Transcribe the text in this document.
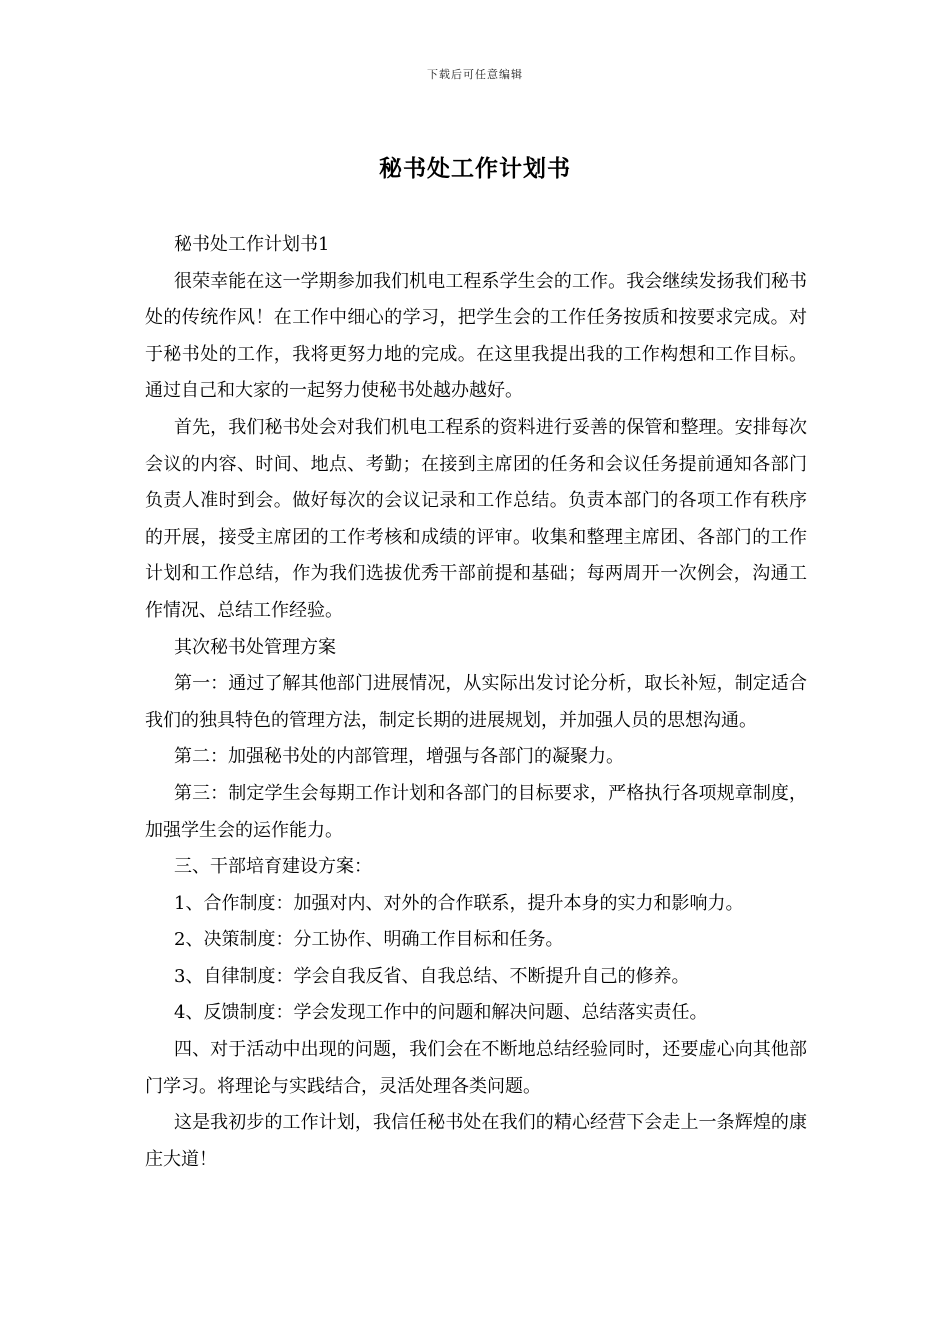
下载后可任意编辑
秘书处工作计划书

秘书处工作计划书1

很荣幸能在这一学期参加我们机电工程系学生会的工作。我会继续发扬我们秘书处的传统作风！在工作中细心的学习，把学生会的工作任务按质和按要求完成。对于秘书处的工作，我将更努力地的完成。在这里我提出我的工作构想和工作目标。通过自己和大家的一起努力使秘书处越办越好。

首先，我们秘书处会对我们机电工程系的资料进行妥善的保管和整理。安排每次会议的内容、时间、地点、考勤；在接到主席团的任务和会议任务提前通知各部门负责人准时到会。做好每次的会议记录和工作总结。负责本部门的各项工作有秩序的开展，接受主席团的工作考核和成绩的评审。收集和整理主席团、各部门的工作计划和工作总结，作为我们选拔优秀干部前提和基础；每两周开一次例会，沟通工作情况、总结工作经验。

其次秘书处管理方案

第一：通过了解其他部门进展情况，从实际出发讨论分析，取长补短，制定适合我们的独具特色的管理方法，制定长期的进展规划，并加强人员的思想沟通。

第二：加强秘书处的内部管理，增强与各部门的凝聚力。

第三：制定学生会每期工作计划和各部门的目标要求，严格执行各项规章制度，加强学生会的运作能力。

三、干部培育建设方案：

1、合作制度：加强对内、对外的合作联系，提升本身的实力和影响力。

2、决策制度：分工协作、明确工作目标和任务。

3、自律制度：学会自我反省、自我总结、不断提升自己的修养。

4、反馈制度：学会发现工作中的问题和解决问题、总结落实责任。

四、对于活动中出现的问题，我们会在不断地总结经验同时，还要虚心向其他部门学习。将理论与实践结合，灵活处理各类问题。

这是我初步的工作计划，我信任秘书处在我们的精心经营下会走上一条辉煌的康庄大道！
